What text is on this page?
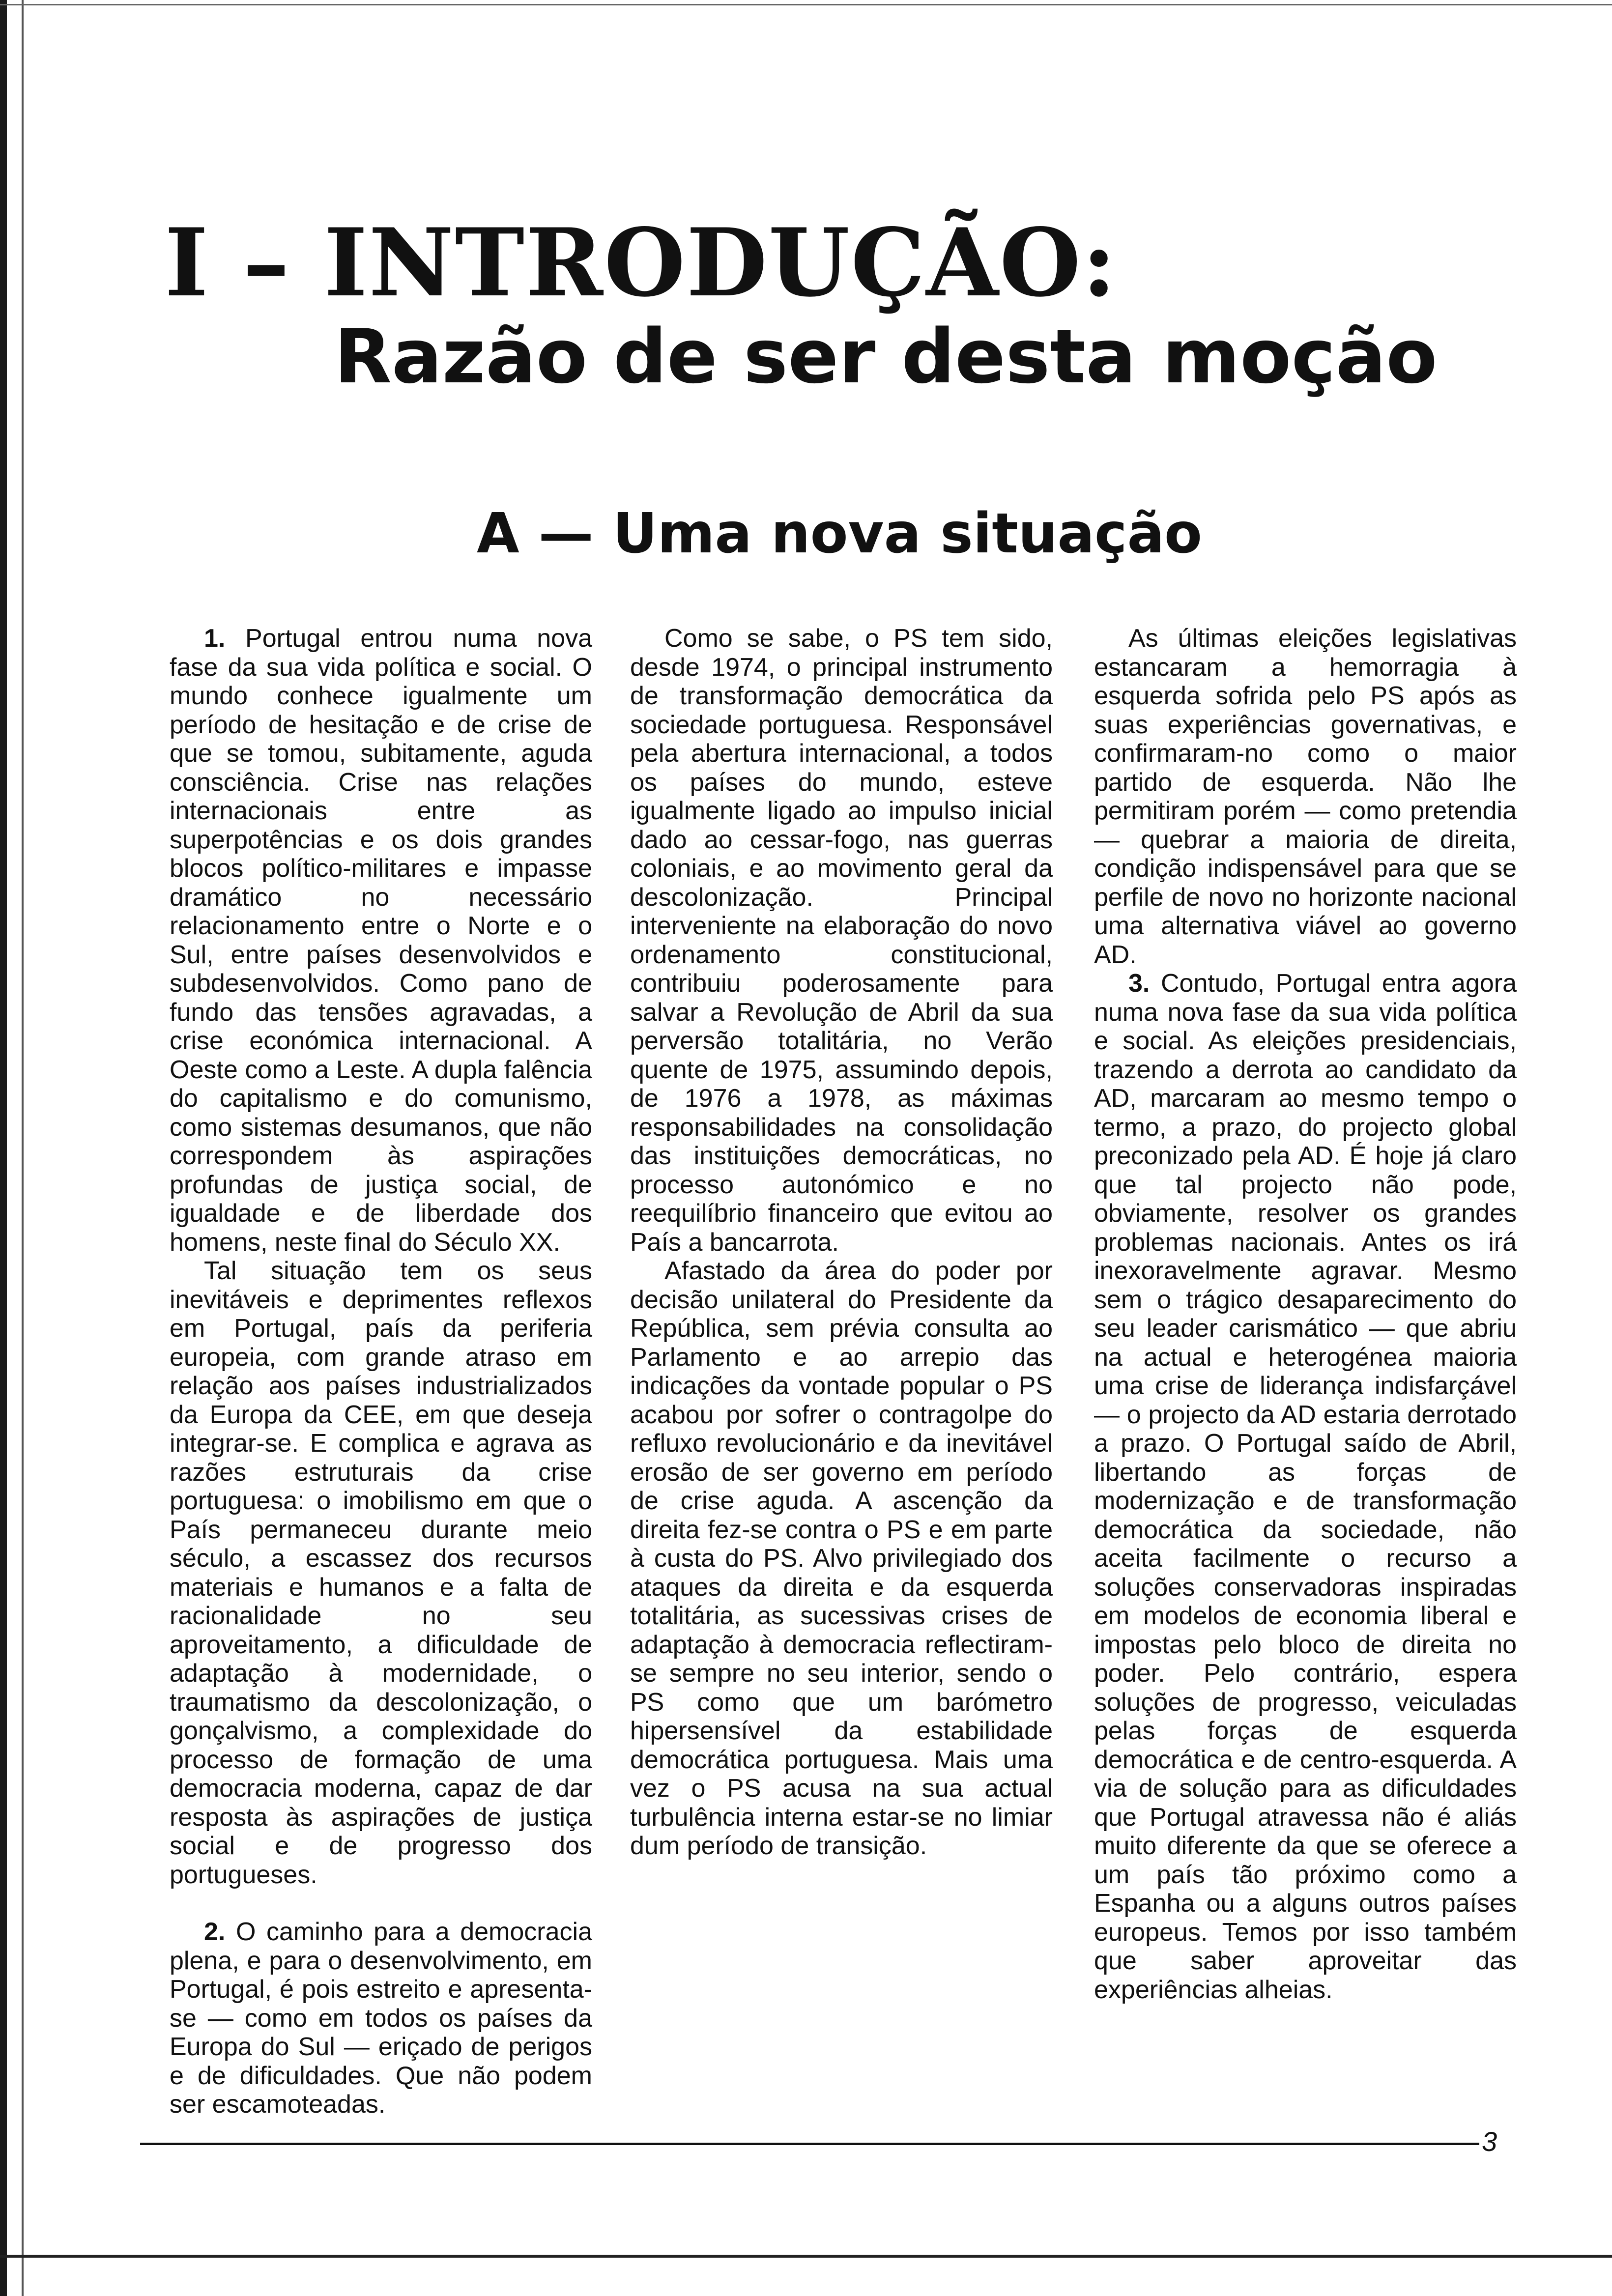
I – INTRODUÇÃO:
Razão de ser desta moção
A — Uma nova situação

1. Portugal entrou numa nova fase da sua vida política e social. O mundo conhece igualmente um período de hesitação e de crise de que se tomou, subitamente, aguda consciência. Crise nas relações internacionais entre as superpotências e os dois grandes blocos político-militares e impasse dramático no necessário relacionamento entre o Norte e o Sul, entre países desenvolvidos e subdesenvolvidos. Como pano de fundo das tensões agravadas, a crise económica internacional. A Oeste como a Leste. A dupla falência do capitalismo e do comunismo, como sistemas desumanos, que não correspondem às aspirações profundas de justiça social, de igualdade e de liberdade dos homens, neste final do Século XX.

Tal situação tem os seus inevitáveis e deprimentes reflexos em Portugal, país da periferia europeia, com grande atraso em relação aos países industrializados da Europa da CEE, em que deseja integrar-se. E complica e agrava as razões estruturais da crise portuguesa: o imobilismo em que o País permaneceu durante meio século, a escassez dos recursos materiais e humanos e a falta de racionalidade no seu aproveitamento, a dificuldade de adaptação à modernidade, o traumatismo da descolonização, o gonçalvismo, a complexidade do processo de formação de uma democracia moderna, capaz de dar resposta às aspirações de justiça social e de progresso dos portugueses.

2. O caminho para a democracia plena, e para o desenvolvimento, em Portugal, é pois estreito e apresenta-se — como em todos os países da Europa do Sul — eriçado de perigos e de dificuldades. Que não podem ser escamoteadas.

Como se sabe, o PS tem sido, desde 1974, o principal instrumento de transformação democrática da sociedade portuguesa. Responsável pela abertura internacional, a todos os países do mundo, esteve igualmente ligado ao impulso inicial dado ao cessar-fogo, nas guerras coloniais, e ao movimento geral da descolonização. Principal interveniente na elaboração do novo ordenamento constitucional, contribuiu poderosamente para salvar a Revolução de Abril da sua perversão totalitária, no Verão quente de 1975, assumindo depois, de 1976 a 1978, as máximas responsabilidades na consolidação das instituições democráticas, no processo autonómico e no reequilíbrio financeiro que evitou ao País a bancarrota.

Afastado da área do poder por decisão unilateral do Presidente da República, sem prévia consulta ao Parlamento e ao arrepio das indicações da vontade popular o PS acabou por sofrer o contragolpe do refluxo revolucionário e da inevitável erosão de ser governo em período de crise aguda. A ascenção da direita fez-se contra o PS e em parte à custa do PS. Alvo privilegiado dos ataques da direita e da esquerda totalitária, as sucessivas crises de adaptação à democracia reflectiram-se sempre no seu interior, sendo o PS como que um barómetro hipersensível da estabilidade democrática portuguesa. Mais uma vez o PS acusa na sua actual turbulência interna estar-se no limiar dum período de transição.

As últimas eleições legislativas estancaram a hemorragia à esquerda sofrida pelo PS após as suas experiências governativas, e confirmaram-no como o maior partido de esquerda. Não lhe permitiram porém — como pretendia — quebrar a maioria de direita, condição indispensável para que se perfile de novo no horizonte nacional uma alternativa viável ao governo AD.

3. Contudo, Portugal entra agora numa nova fase da sua vida política e social. As eleições presidenciais, trazendo a derrota ao candidato da AD, marcaram ao mesmo tempo o termo, a prazo, do projecto global preconizado pela AD. É hoje já claro que tal projecto não pode, obviamente, resolver os grandes problemas nacionais. Antes os irá inexoravelmente agravar. Mesmo sem o trágico desaparecimento do seu leader carismático — que abriu na actual e heterogénea maioria uma crise de liderança indisfarçável — o projecto da AD estaria derrotado a prazo. O Portugal saído de Abril, libertando as forças de modernização e de transformação democrática da sociedade, não aceita facilmente o recurso a soluções conservadoras inspiradas em modelos de economia liberal e impostas pelo bloco de direita no poder. Pelo contrário, espera soluções de progresso, veiculadas pelas forças de esquerda democrática e de centro-esquerda. A via de solução para as dificuldades que Portugal atravessa não é aliás muito diferente da que se oferece a um país tão próximo como a Espanha ou a alguns outros países europeus. Temos por isso também que saber aproveitar das experiências alheias.

3
